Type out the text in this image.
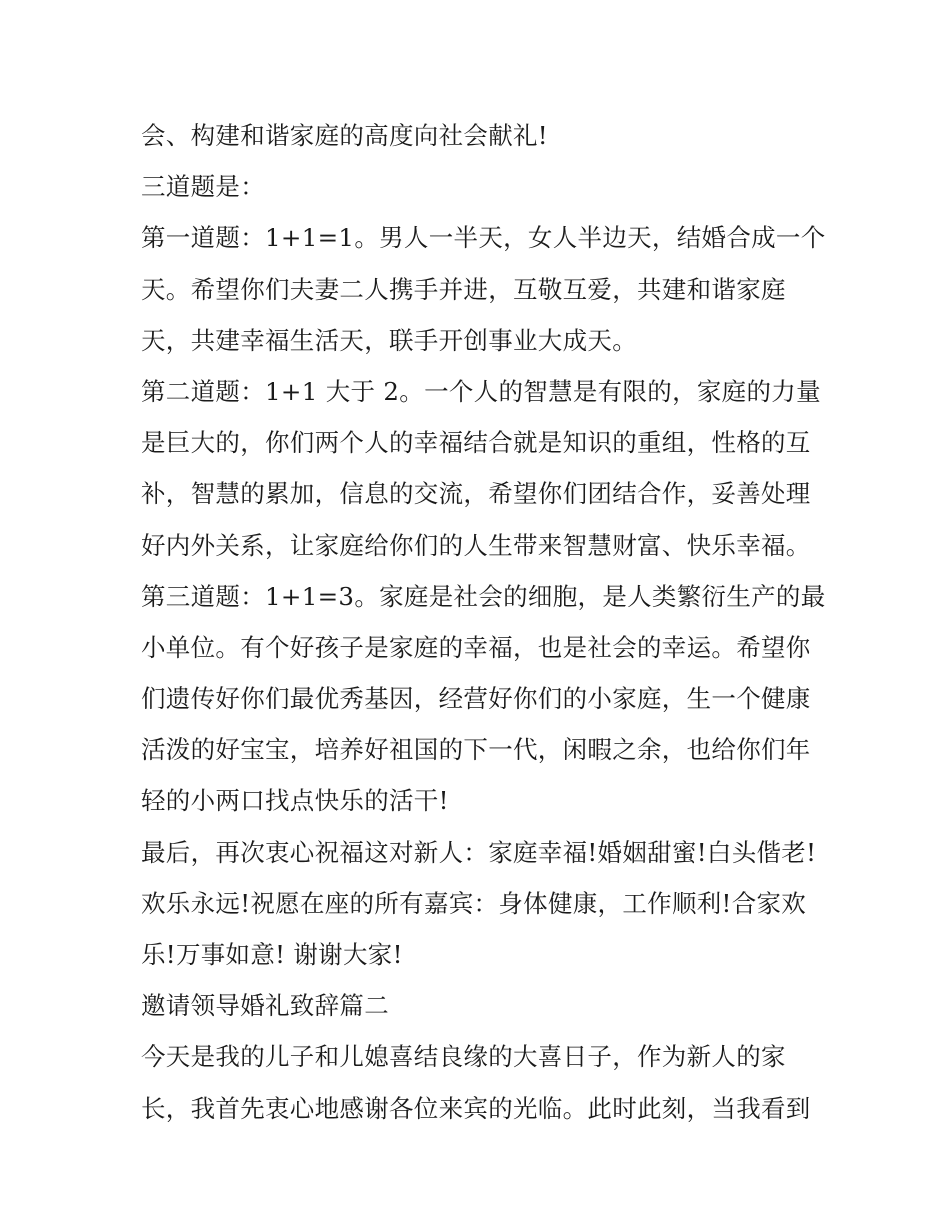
会、构建和谐家庭的高度向社会献礼!
三道题是：
第一道题：1+1=1。男人一半天，女人半边天，结婚合成一个
天。希望你们夫妻二人携手并进，互敬互爱，共建和谐家庭
天，共建幸福生活天，联手开创事业大成天。
第二道题：1+1 大于 2。一个人的智慧是有限的，家庭的力量
是巨大的，你们两个人的幸福结合就是知识的重组，性格的互
补，智慧的累加，信息的交流，希望你们团结合作，妥善处理
好内外关系，让家庭给你们的人生带来智慧财富、快乐幸福。
第三道题：1+1=3。家庭是社会的细胞，是人类繁衍生产的最
小单位。有个好孩子是家庭的幸福，也是社会的幸运。希望你
们遗传好你们最优秀基因，经营好你们的小家庭，生一个健康
活泼的好宝宝，培养好祖国的下一代，闲暇之余，也给你们年
轻的小两口找点快乐的活干!
最后，再次衷心祝福这对新人：家庭幸福!婚姻甜蜜!白头偕老!
欢乐永远!祝愿在座的所有嘉宾：身体健康，工作顺利!合家欢
乐!万事如意! 谢谢大家!
邀请领导婚礼致辞篇二
今天是我的儿子和儿媳喜结良缘的大喜日子，作为新人的家
长，我首先衷心地感谢各位来宾的光临。此时此刻，当我看到
